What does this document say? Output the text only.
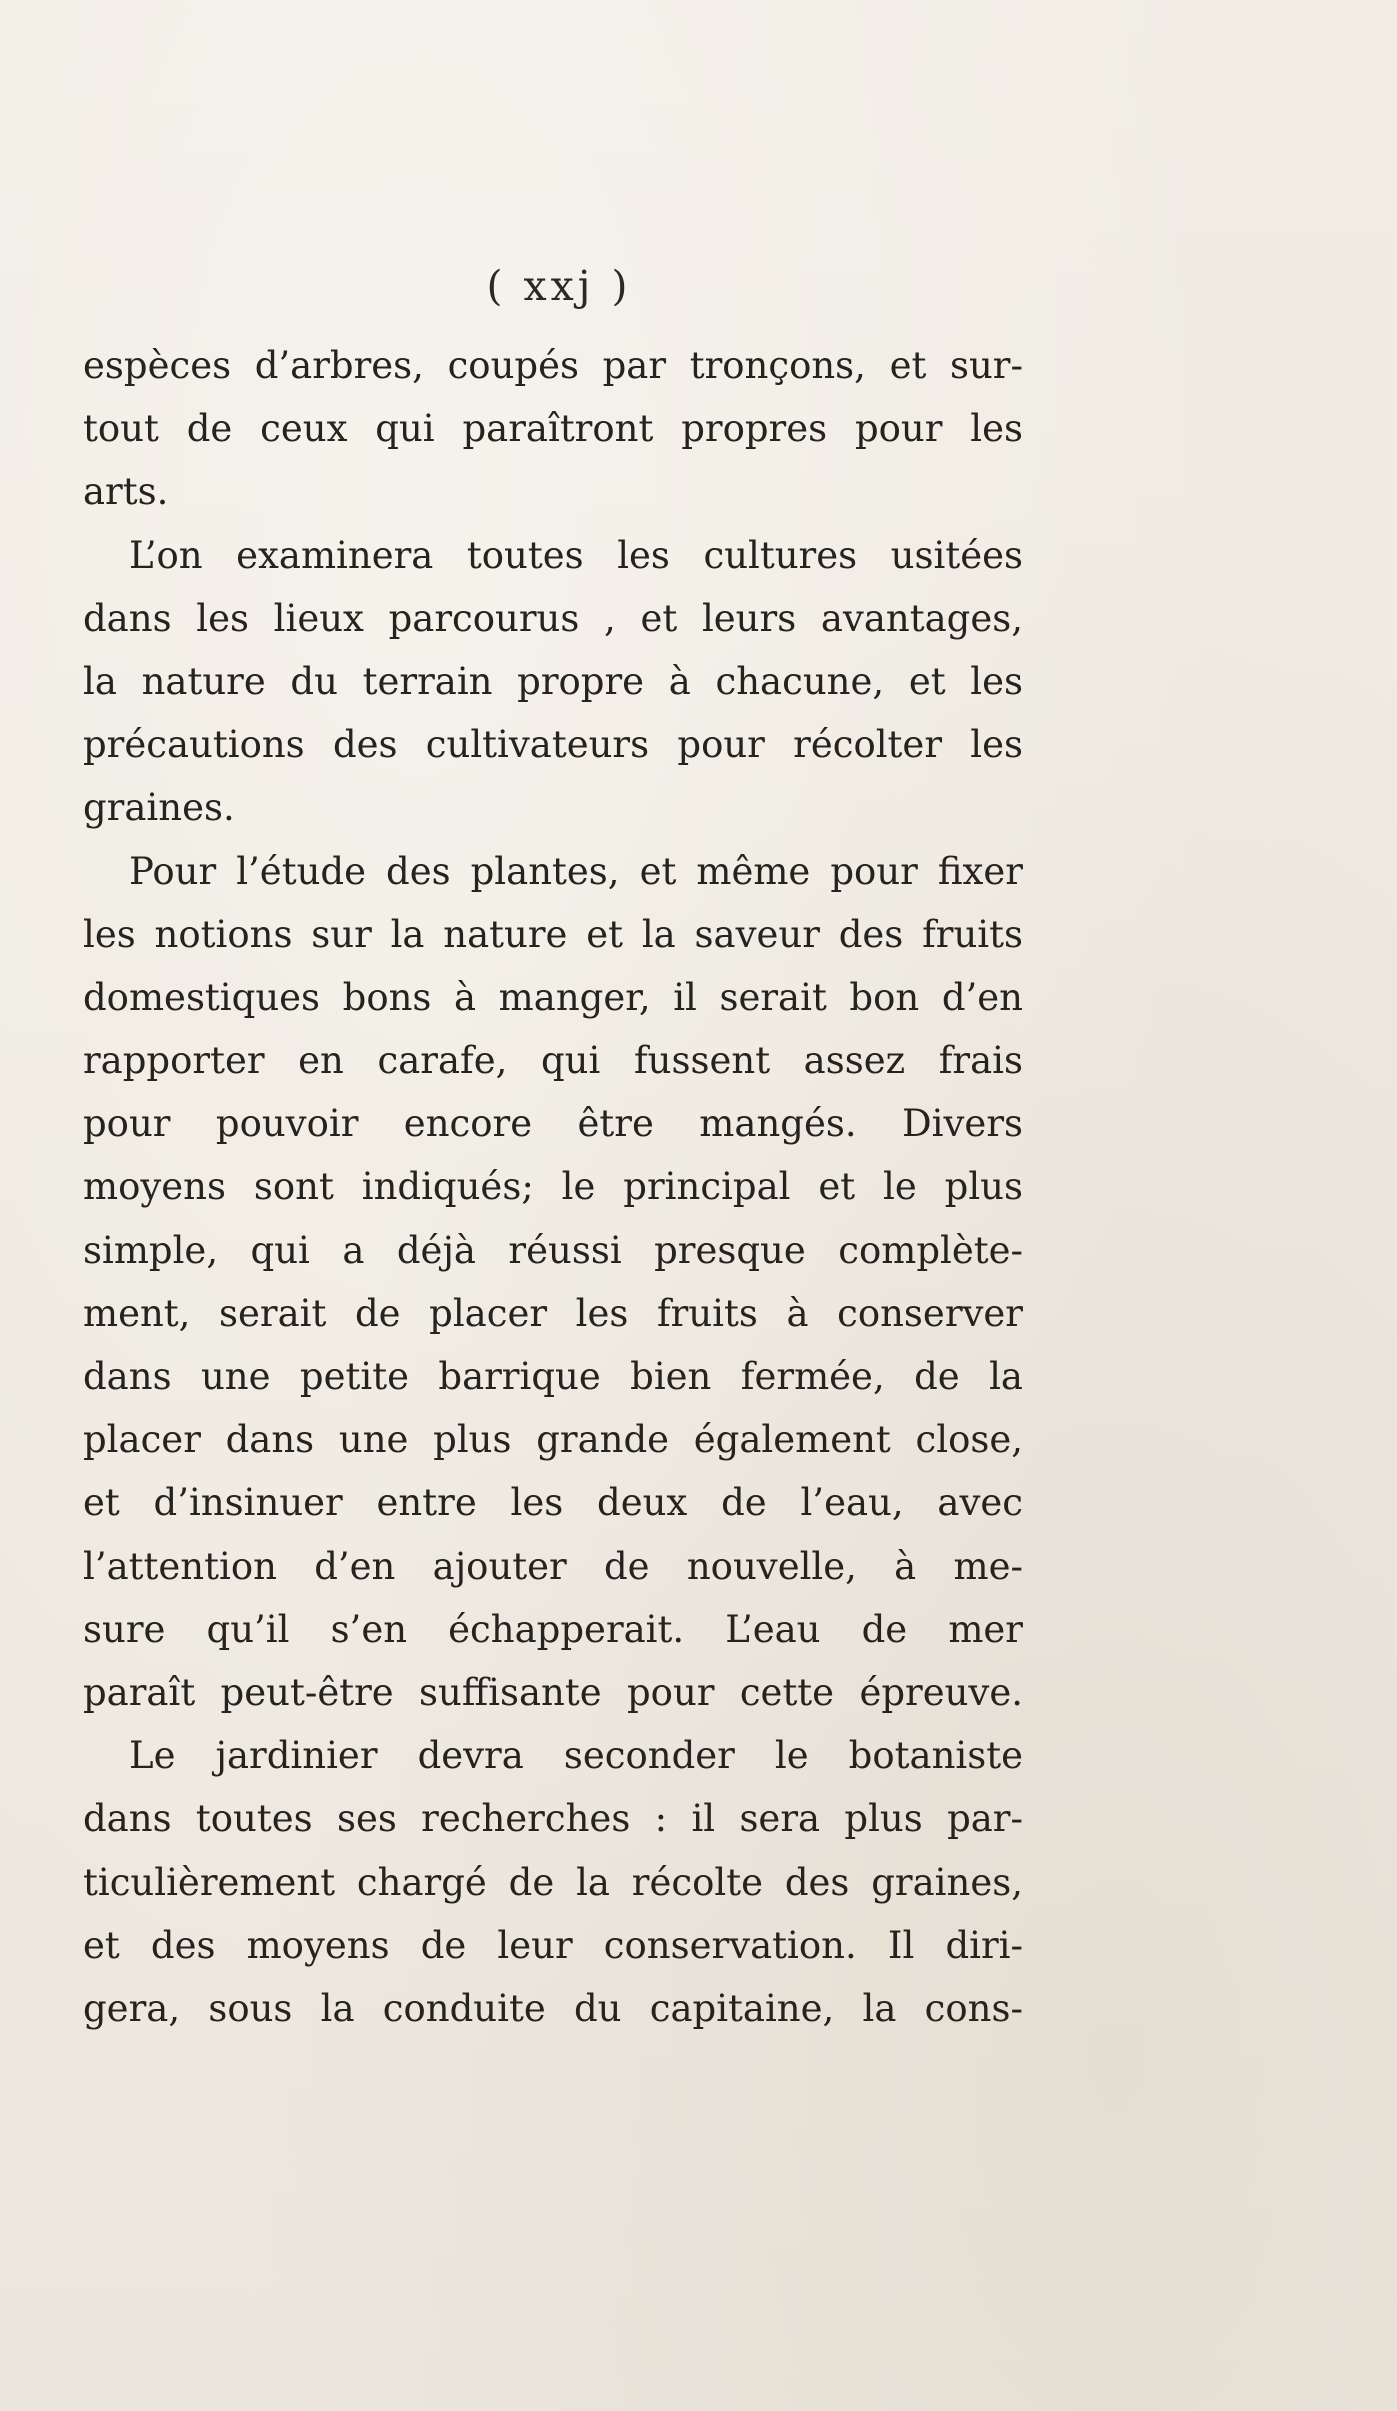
( xxj )
espèces d’arbres, coupés par tronçons, et sur-
tout de ceux qui paraîtront propres pour les
arts.
L’on examinera toutes les cultures usitées
dans les lieux parcourus , et leurs avantages,
la nature du terrain propre à chacune, et les
précautions des cultivateurs pour récolter les
graines.
Pour l’étude des plantes, et même pour fixer
les notions sur la nature et la saveur des fruits
domestiques bons à manger, il serait bon d’en
rapporter en carafe, qui fussent assez frais
pour pouvoir encore être mangés. Divers
moyens sont indiqués; le principal et le plus
simple, qui a déjà réussi presque complète-
ment, serait de placer les fruits à conserver
dans une petite barrique bien fermée, de la
placer dans une plus grande également close,
et d’insinuer entre les deux de l’eau, avec
l’attention d’en ajouter de nouvelle, à me-
sure qu’il s’en échapperait. L’eau de mer
paraît peut-être suffisante pour cette épreuve.
Le jardinier devra seconder le botaniste
dans toutes ses recherches : il sera plus par-
ticulièrement chargé de la récolte des graines,
et des moyens de leur conservation. Il diri-
gera, sous la conduite du capitaine, la cons-
